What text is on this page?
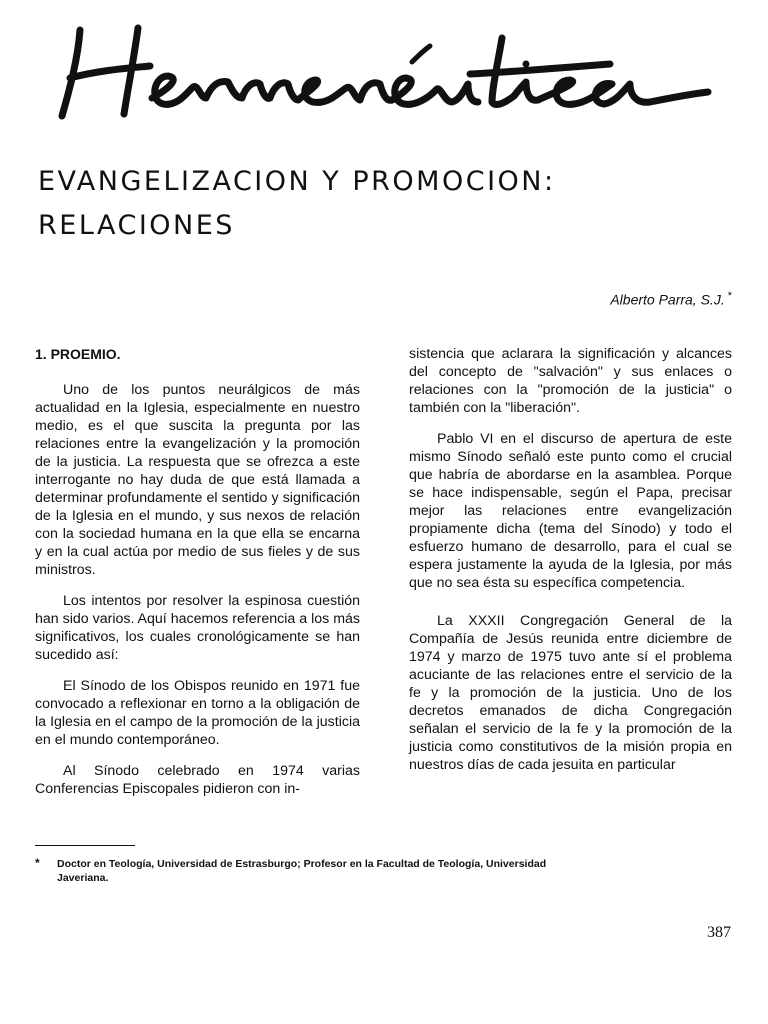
EVANGELIZACION Y PROMOCION:
RELACIONES
Alberto Parra, S.J. *
1. PROEMIO.

Uno de los puntos neurálgicos de más actualidad en la Iglesia, especialmente en nuestro medio, es el que suscita la pregunta por las relaciones entre la evangelización y la promoción de la justicia. La respuesta que se ofrezca a este interrogante no hay duda de que está llamada a determinar profundamente el sentido y significación de la Iglesia en el mundo, y sus nexos de relación con la sociedad humana en la que ella se encarna y en la cual actúa por medio de sus fieles y de sus ministros.

Los intentos por resolver la espinosa cuestión han sido varios. Aquí hacemos referencia a los más significativos, los cuales cronológicamente se han sucedido así:

El Sínodo de los Obispos reunido en 1971 fue convocado a reflexionar en torno a la obligación de la Iglesia en el campo de la promoción de la justicia en el mundo contemporáneo.

Al Sínodo celebrado en 1974 varias Conferencias Episcopales pidieron con in-

sistencia que aclarara la significación y alcances del concepto de "salvación" y sus enlaces o relaciones con la "promoción de la justicia" o también con la "liberación".

Pablo VI en el discurso de apertura de este mismo Sínodo señaló este punto como el crucial que habría de abordarse en la asamblea. Porque se hace indispensable, según el Papa, precisar mejor las relaciones entre evangelización propiamente dicha (tema del Sínodo) y todo el esfuerzo humano de desarrollo, para el cual se espera justamente la ayuda de la Iglesia, por más que no sea ésta su específica competencia.

La XXXII Congregación General de la Compañía de Jesús reunida entre diciembre de 1974 y marzo de 1975 tuvo ante sí el problema acuciante de las relaciones entre el servicio de la fe y la promoción de la justicia. Uno de los decretos emanados de dicha Congregación señalan el servicio de la fe y la promoción de la justicia como constitutivos de la misión propia en nuestros días de cada jesuita en particular

* Doctor en Teología, Universidad de Estrasburgo; Profesor en la Facultad de Teología, Universidad
Javeriana.
387
